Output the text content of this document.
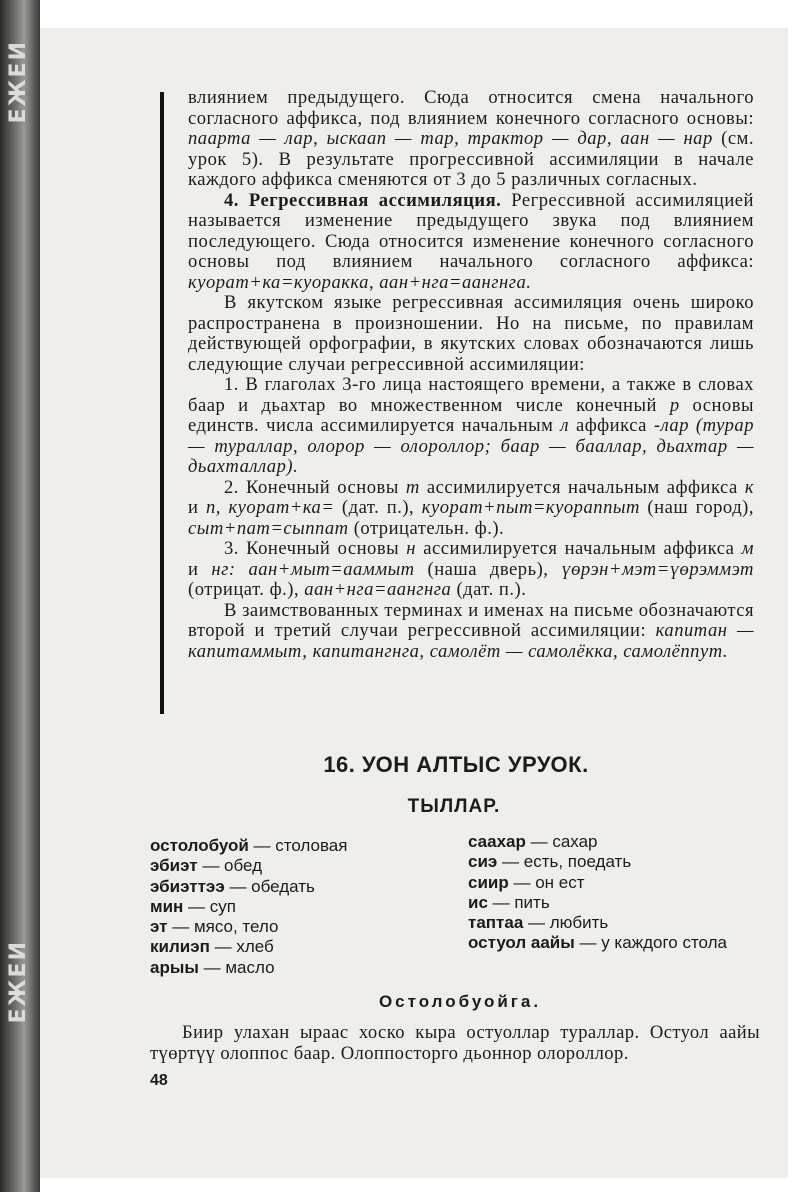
ЕЖЕИ
ЕЖЕИ

влиянием предыдущего. Сюда относится смена начального согласного аффикса, под влиянием конечного согласного основы: паарта — лар, ыскаап — тар, трактор — дар, аан — нар (см. урок 5). В результате прогрессивной ассимиляции в начале каждого аффикса сменяются от 3 до 5 различных согласных.

4. Регрессивная ассимиляция. Регрессивной ассимиляцией называется изменение предыдущего звука под влиянием последующего. Сюда относится изменение конечного согласного основы под влиянием начального согласного аффикса: куорат+ка=куоракка, аан+нга=аангнга.

В якутском языке регрессивная ассимиляция очень широко распространена в произношении. Но на письме, по правилам действующей орфографии, в якутских словах обозначаются лишь следующие случаи регрессивной ассимиляции:

1. В глаголах 3-го лица настоящего времени, а также в словах баар и дьахтар во множественном числе конечный р основы единств. числа ассимилируется начальным л аффикса -лар (турар — тураллар, олорор — олороллор; баар — бааллар, дьахтар — дьахталлар).

2. Конечный основы т ассимилируется начальным аффикса к и п, куорат+ка= (дат. п.), куорат+пыт=куораппыт (наш город), сыт+пат=сыппат (отрицательн. ф.).

3. Конечный основы н ассимилируется начальным аффикса м и нг: аан+мыт=ааммыт (наша дверь), үөрэн+мэт=үөрэммэт (отрицат. ф.), аан+нга=аангнга (дат. п.).

В заимствованных терминах и именах на письме обозначаются второй и третий случаи регрессивной ассимиляции: капитан — капитаммыт, капитангнга, самолёт — самолёкка, самолёппут.

16. УОН АЛТЫС УРУОК.
ТЫЛЛАР.
остолобуой — столовая
эбиэт — обед
эбиэттээ — обедать
мин — суп
эт — мясо, тело
килиэп — хлеб
арыы — масло
саахар — сахар
сиэ — есть, поедать
сиир — он ест
ис — пить
таптаа — любить
остуол аайы — у каждого стола
Остолобуойга.

Биир улахан ыраас хоско кыра остуоллар тураллар. Остуол аайы түөртүү олоппос баар. Олоппосторго дьоннор олороллор.

48
